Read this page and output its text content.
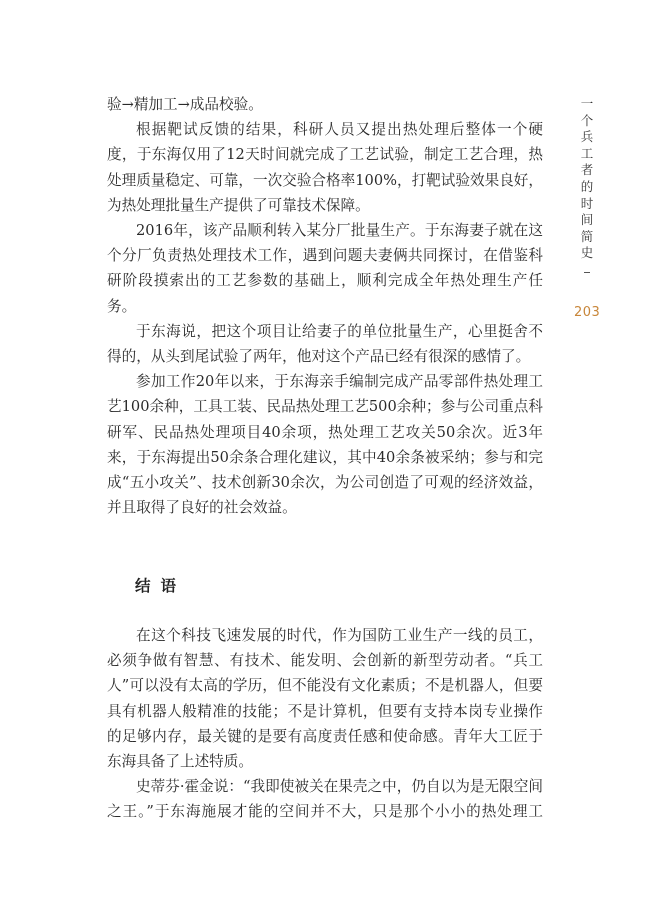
验→精加工→成品校验。

根据靶试反馈的结果，科研人员又提出热处理后整体一个硬度，于东海仅用了12天时间就完成了工艺试验，制定工艺合理，热处理质量稳定、可靠，一次交验合格率100%，打靶试验效果良好，为热处理批量生产提供了可靠技术保障。

2016年，该产品顺利转入某分厂批量生产。于东海妻子就在这个分厂负责热处理技术工作，遇到问题夫妻俩共同探讨，在借鉴科研阶段摸索出的工艺参数的基础上，顺利完成全年热处理生产任务。

于东海说，把这个项目让给妻子的单位批量生产，心里挺舍不得的，从头到尾试验了两年，他对这个产品已经有很深的感情了。

参加工作20年以来，于东海亲手编制完成产品零部件热处理工艺100余种，工具工装、民品热处理工艺500余种；参与公司重点科研军、民品热处理项目40余项，热处理工艺攻关50余次。近3年来，于东海提出50余条合理化建议，其中40余条被采纳；参与和完成“五小攻关”、技术创新30余次，为公司创造了可观的经济效益，并且取得了良好的社会效益。

结语

在这个科技飞速发展的时代，作为国防工业生产一线的员工，必须争做有智慧、有技术、能发明、会创新的新型劳动者。“兵工人”可以没有太高的学历，但不能没有文化素质；不是机器人，但要具有机器人般精准的技能；不是计算机，但要有支持本岗专业操作的足够内存，最关键的是要有高度责任感和使命感。青年大工匠于东海具备了上述特质。

史蒂芬·霍金说：“我即使被关在果壳之中，仍自以为是无限空间之王。”于东海施展才能的空间并不大，只是那个小小的热处理工

一
个
兵
工
者
的
时
间
简
史
203
